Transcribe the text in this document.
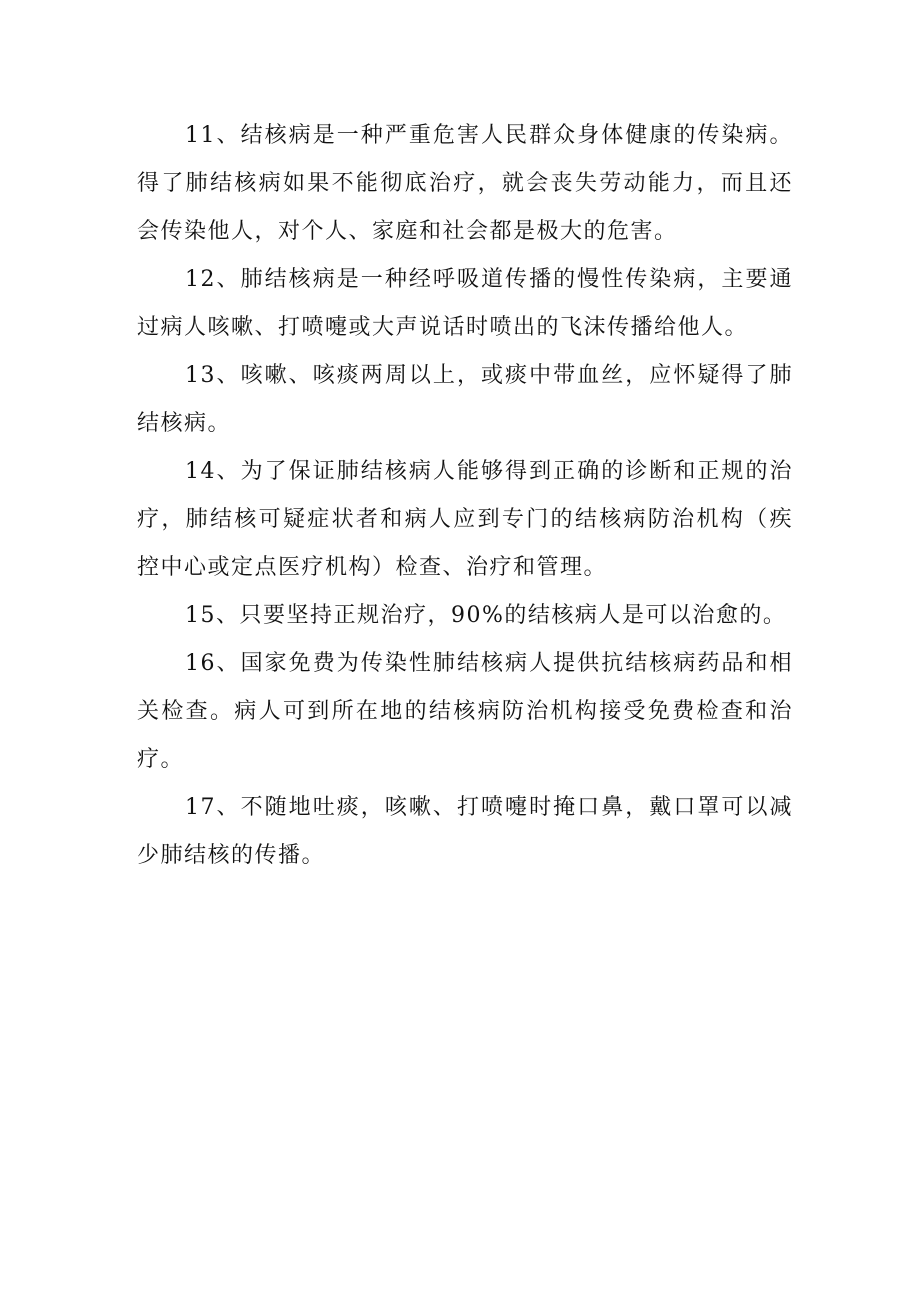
11、结核病是一种严重危害人民群众身体健康的传染病。得了肺结核病如果不能彻底治疗，就会丧失劳动能力，而且还会传染他人，对个人、家庭和社会都是极大的危害。

12、肺结核病是一种经呼吸道传播的慢性传染病，主要通过病人咳嗽、打喷嚏或大声说话时喷出的飞沫传播给他人。

13、咳嗽、咳痰两周以上，或痰中带血丝，应怀疑得了肺结核病。

14、为了保证肺结核病人能够得到正确的诊断和正规的治疗，肺结核可疑症状者和病人应到专门的结核病防治机构（疾控中心或定点医疗机构）检查、治疗和管理。

15、只要坚持正规治疗，90%的结核病人是可以治愈的。

16、国家免费为传染性肺结核病人提供抗结核病药品和相关检查。病人可到所在地的结核病防治机构接受免费检查和治疗。

17、不随地吐痰，咳嗽、打喷嚏时掩口鼻，戴口罩可以减少肺结核的传播。
